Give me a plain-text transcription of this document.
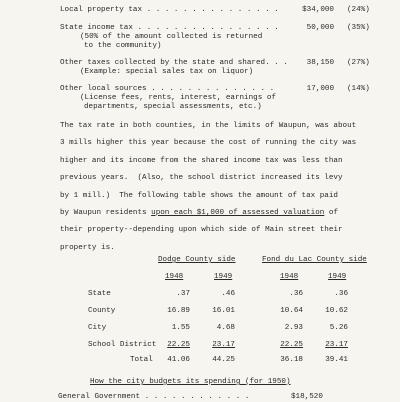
Local property tax . . . . . . . . . . . . . . .	$34,000 (24%)
State income tax . . . . . . . . . . . . . . . .	50,000 (35%)
(50% of the amount collected is returned
to the community)
Other taxes collected by the state and shared. . .	38,150 (27%)
(Example: special sales tax on liquor)
Other local sources . . . . . . . . . . . . . .	17,000 (14%)
(License fees, rents, interest, earnings of
departments, special assessments, etc.)
The tax rate in both counties, in the limits of Waupun, was about
3 mills higher this year because the cost of running the city was
higher and its income from the shared income tax was less than
previous years.  (Also, the school district increased its levy
by 1 mill.)  The following table shows the amount of tax paid
by Waupun residents upon each $1,000 of assessed valuation of
their property--depending upon which side of Main street their
property is.
Dodge County side	Fond du Lac County side
1948	1949	1948	1949
State	.37	.46	.36	.36
County	16.89	16.01	10.64	10.62
City	1.55	4.68	2.93	5.26
School District	22.25	23.17	22.25	23.17
Total	41.06	44.25	36.18	39.41
How the city budgets its spending (for 1950)
General Government . . . . . . . . . . . .	$18,520
